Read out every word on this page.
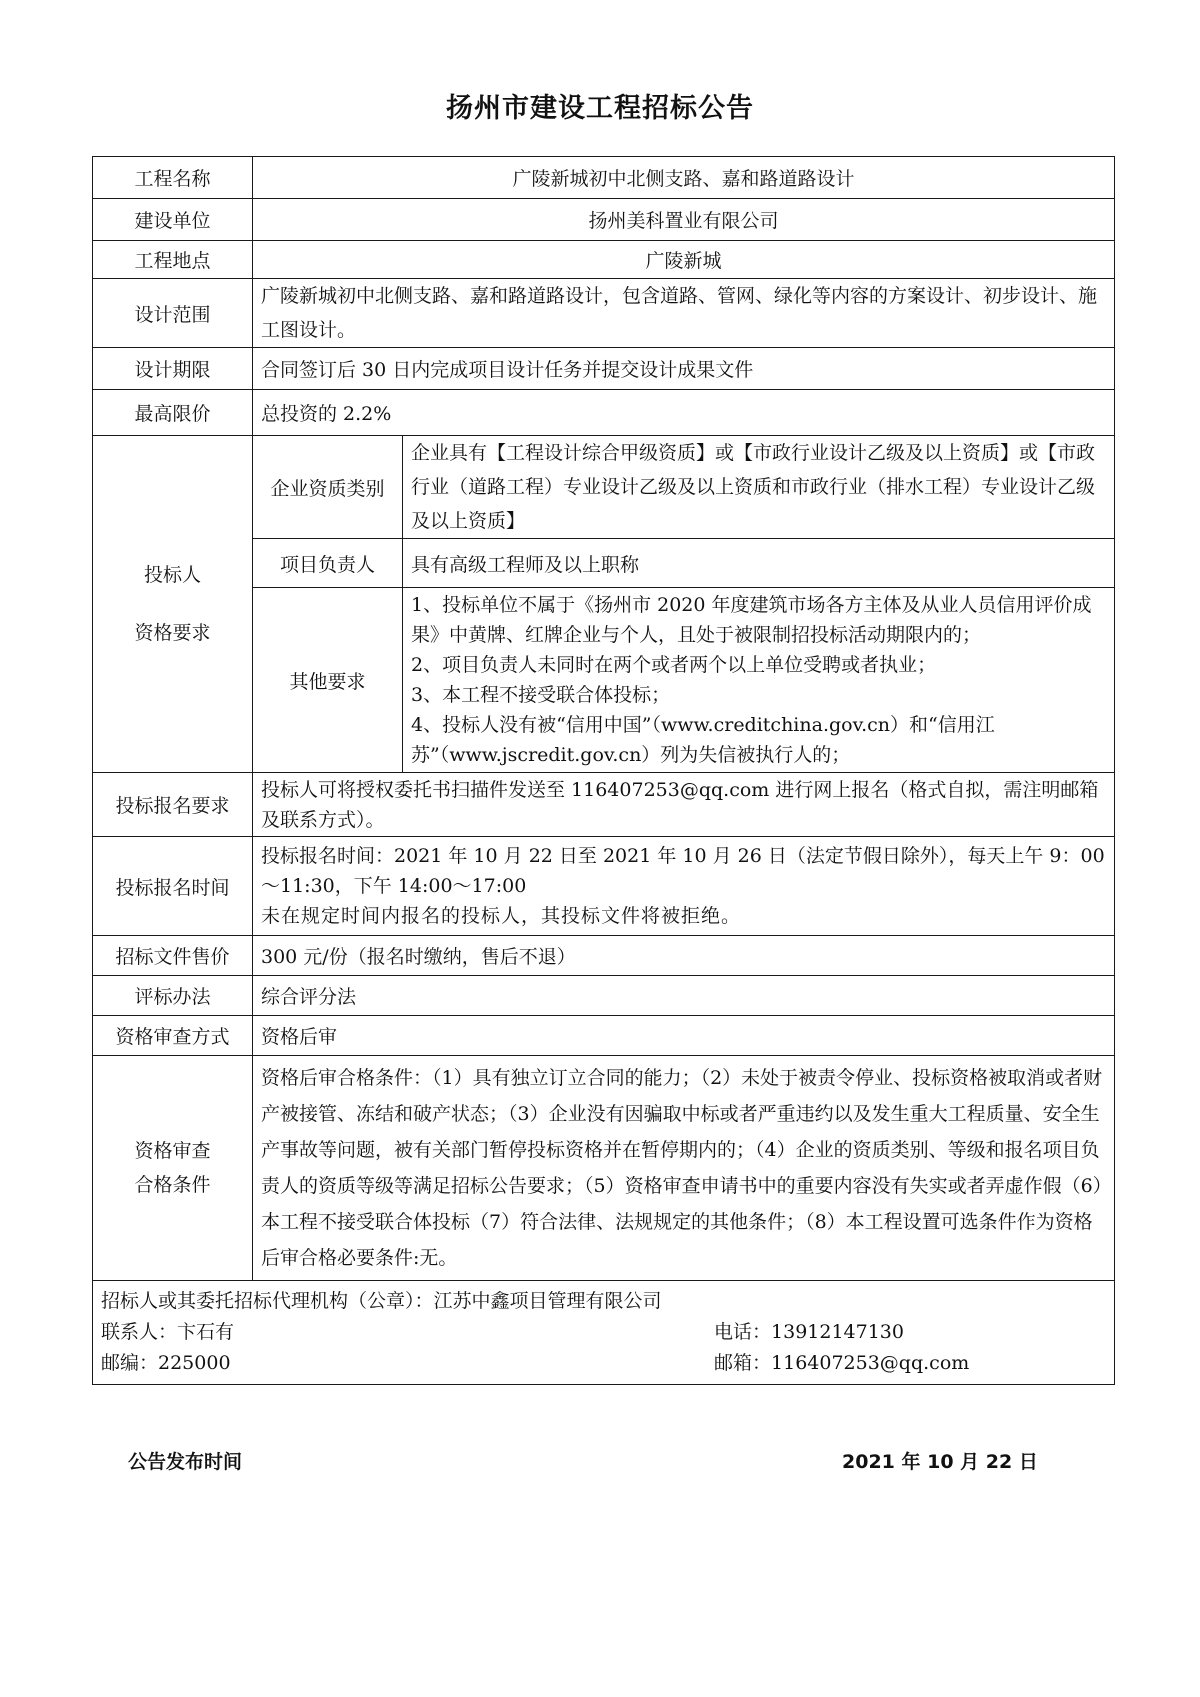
扬州市建设工程招标公告
工程名称	广陵新城初中北侧支路、嘉和路道路设计	
建设单位	扬州美科置业有限公司	
工程地点	广陵新城	
设计范围	广陵新城初中北侧支路、嘉和路道路设计，包含道路、管网、绿化等内容的方案设计、初步设计、施工图设计。	
设计期限	合同签订后 30 日内完成项目设计任务并提交设计成果文件	
最高限价	总投资的 2.2%	

投标人
资格要求	企业资质类别	企业具有【工程设计综合甲级资质】或【市政行业设计乙级及以上资质】或【市政行业（道路工程）专业设计乙级及以上资质和市政行业（排水工程）专业设计乙级及以上资质】
	项目负责人	具有高级工程师及以上职称
	其他要求	1、投标单位不属于《扬州市 2020 年度建筑市场各方主体及从业人员信用评价成果》中黄牌、红牌企业与个人，且处于被限制招投标活动期限内的；
2、项目负责人未同时在两个或者两个以上单位受聘或者执业；
3、本工程不接受联合体投标；
4、投标人没有被“信用中国”（www.creditchina.gov.cn）和“信用江苏”（www.jscredit.gov.cn）列为失信被执行人的；

投标报名要求	投标人可将授权委托书扫描件发送至 116407253@qq.com 进行网上报名（格式自拟，需注明邮箱及联系方式）。	
投标报名时间	投标报名时间：2021 年 10 月 22 日至 2021 年 10 月 26 日（法定节假日除外），每天上午 9：00～11:30，下午 14:00～17:00
未在规定时间内报名的投标人，其投标文件将被拒绝。	

招标文件售价	300 元/份（报名时缴纳，售后不退）	
评标办法	综合评分法	
资格审查方式	资格后审	

资格审查
合格条件	资格后审合格条件：（1）具有独立订立合同的能力；（2）未处于被责令停业、投标资格被取消或者财产被接管、冻结和破产状态；（3）企业没有因骗取中标或者严重违约以及发生重大工程质量、安全生产事故等问题，被有关部门暂停投标资格并在暂停期内的；（4）企业的资质类别、等级和报名项目负责人的资质等级等满足招标公告要求；（5）资格审查申请书中的重要内容没有失实或者弄虚作假（6）本工程不接受联合体投标（7）符合法律、法规规定的其他条件；（8）本工程设置可选条件作为资格后审合格必要条件:无。	

招标人或其委托招标代理机构（公章）：江苏中鑫项目管理有限公司
联系人：卞石有 电话：13912147130
邮编：225000 邮箱：116407253@qq.com		
公告发布时间	2021 年 10 月 22 日
